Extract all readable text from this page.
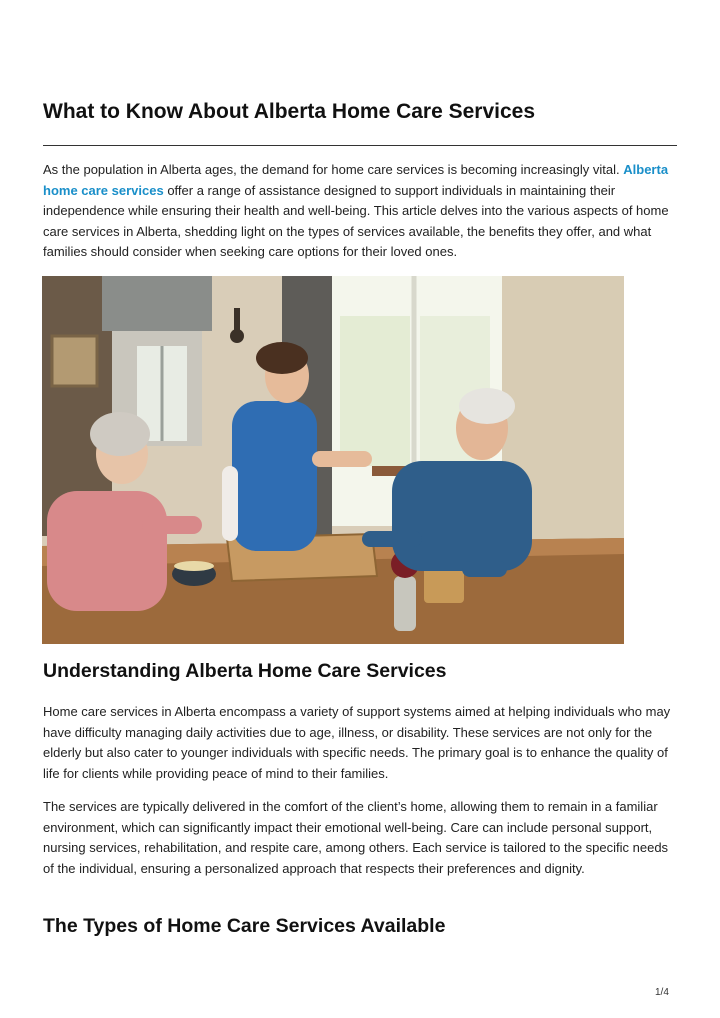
What to Know About Alberta Home Care Services

As the population in Alberta ages, the demand for home care services is becoming increasingly vital. Alberta home care services offer a range of assistance designed to support individuals in maintaining their independence while ensuring their health and well-being. This article delves into the various aspects of home care services in Alberta, shedding light on the types of services available, the benefits they offer, and what families should consider when seeking care options for their loved ones.

Understanding Alberta Home Care Services

Home care services in Alberta encompass a variety of support systems aimed at helping individuals who may have difficulty managing daily activities due to age, illness, or disability. These services are not only for the elderly but also cater to younger individuals with specific needs. The primary goal is to enhance the quality of life for clients while providing peace of mind to their families.

The services are typically delivered in the comfort of the client’s home, allowing them to remain in a familiar environment, which can significantly impact their emotional well-being. Care can include personal support, nursing services, rehabilitation, and respite care, among others. Each service is tailored to the specific needs of the individual, ensuring a personalized approach that respects their preferences and dignity.

The Types of Home Care Services Available
1/4
